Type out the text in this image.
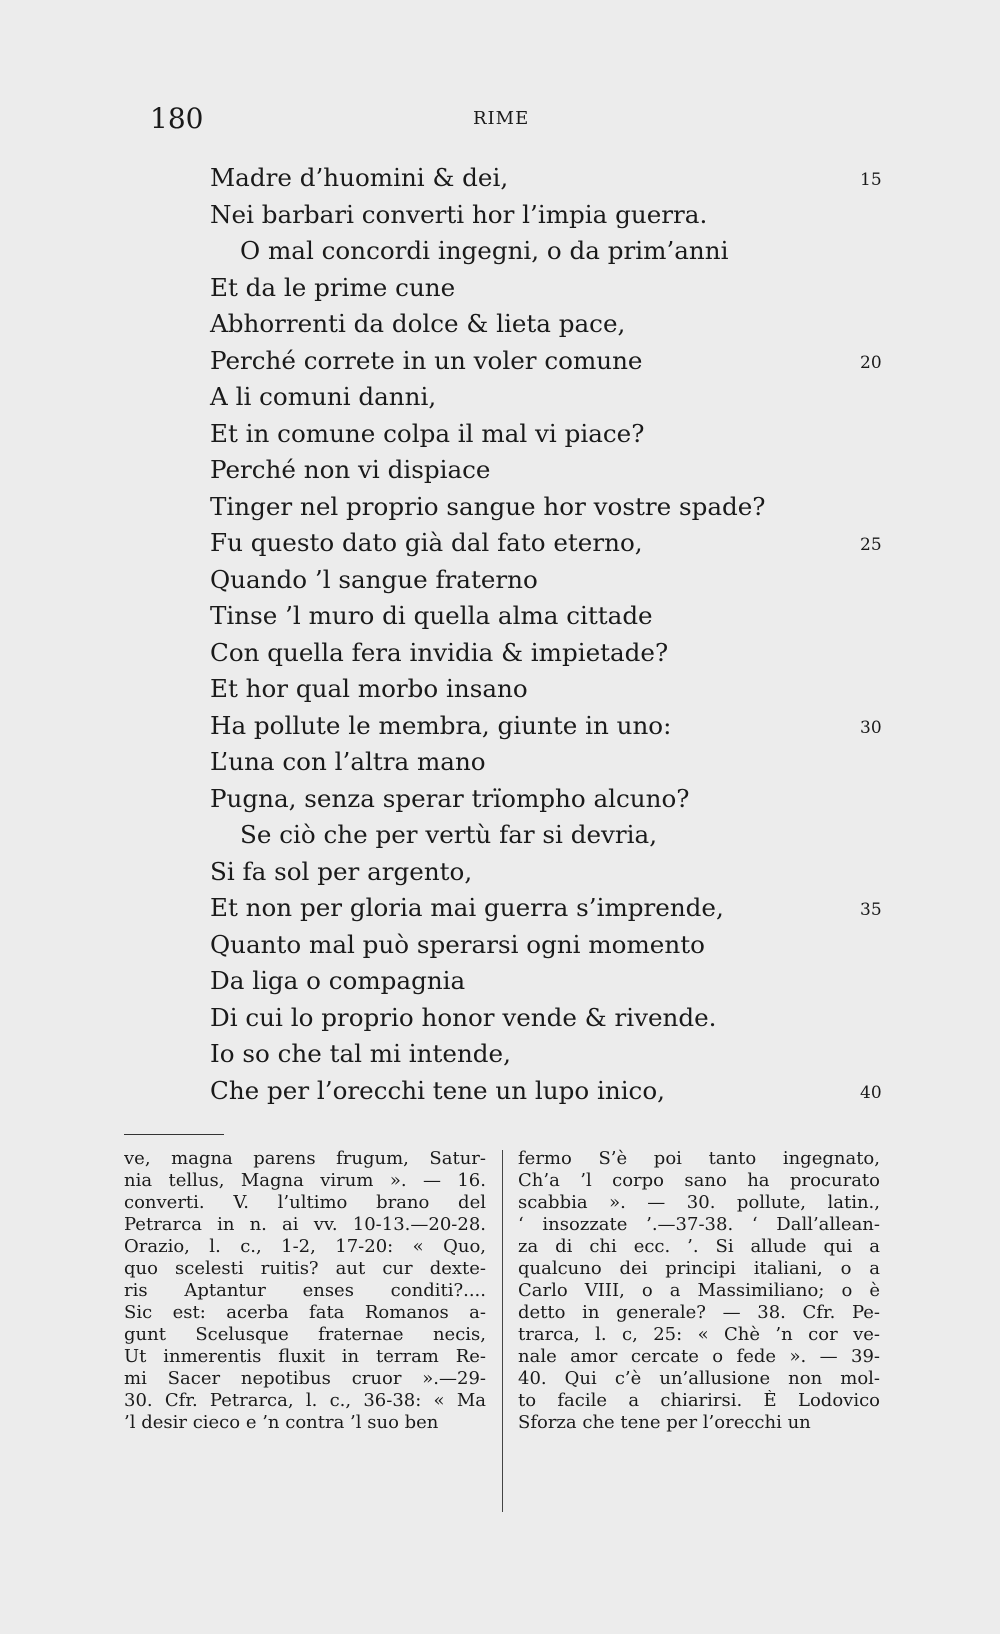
180	RIME
Madre d’huomini & dei,	15
Nei barbari converti hor l’impia guerra.
O mal concordi ingegni, o da prim’anni
Et da le prime cune
Abhorrenti da dolce & lieta pace,
Perché correte in un voler comune	20
A li comuni danni,
Et in comune colpa il mal vi piace?
Perché non vi dispiace
Tinger nel proprio sangue hor vostre spade?
Fu questo dato già dal fato eterno,	25
Quando ’l sangue fraterno
Tinse ’l muro di quella alma cittade
Con quella fera invidia & impietade?
Et hor qual morbo insano
Ha pollute le membra, giunte in uno:	30
L’una con l’altra mano
Pugna, senza sperar trïompho alcuno?
Se ciò che per vertù far si devria,
Si fa sol per argento,
Et non per gloria mai guerra s’imprende,	35
Quanto mal può sperarsi ogni momento
Da liga o compagnia
Di cui lo proprio honor vende & rivende.
Io so che tal mi intende,
Che per l’orecchi tene un lupo inico,	40
ve, magna parens frugum, Satur-
nia tellus, Magna virum ». — 16.
converti. V. l’ultimo brano del
Petrarca in n. ai vv. 10-13.—20-28.
Orazio, l. c., 1-2, 17-20: « Quo,
quo scelesti ruitis? aut cur dexte-
ris Aptantur enses conditi?....
Sic est: acerba fata Romanos a-
gunt Scelusque fraternae necis,
Ut inmerentis fluxit in terram Re-
mi Sacer nepotibus cruor ».—29-
30. Cfr. Petrarca, l. c., 36-38: « Ma
’l desir cieco e ’n contra ’l suo ben
fermo S’è poi tanto ingegnato,
Ch’a ’l corpo sano ha procurato
scabbia ». — 30. pollute, latin.,
‘ insozzate ’.—37-38. ‘ Dall’allean-
za di chi ecc. ’. Si allude qui a
qualcuno dei principi italiani, o a
Carlo VIII, o a Massimiliano; o è
detto in generale? — 38. Cfr. Pe-
trarca, l. c, 25: « Chè ’n cor ve-
nale amor cercate o fede ». — 39-
40. Qui c’è un’allusione non mol-
to facile a chiarirsi. È Lodovico
Sforza che tene per l’orecchi un
